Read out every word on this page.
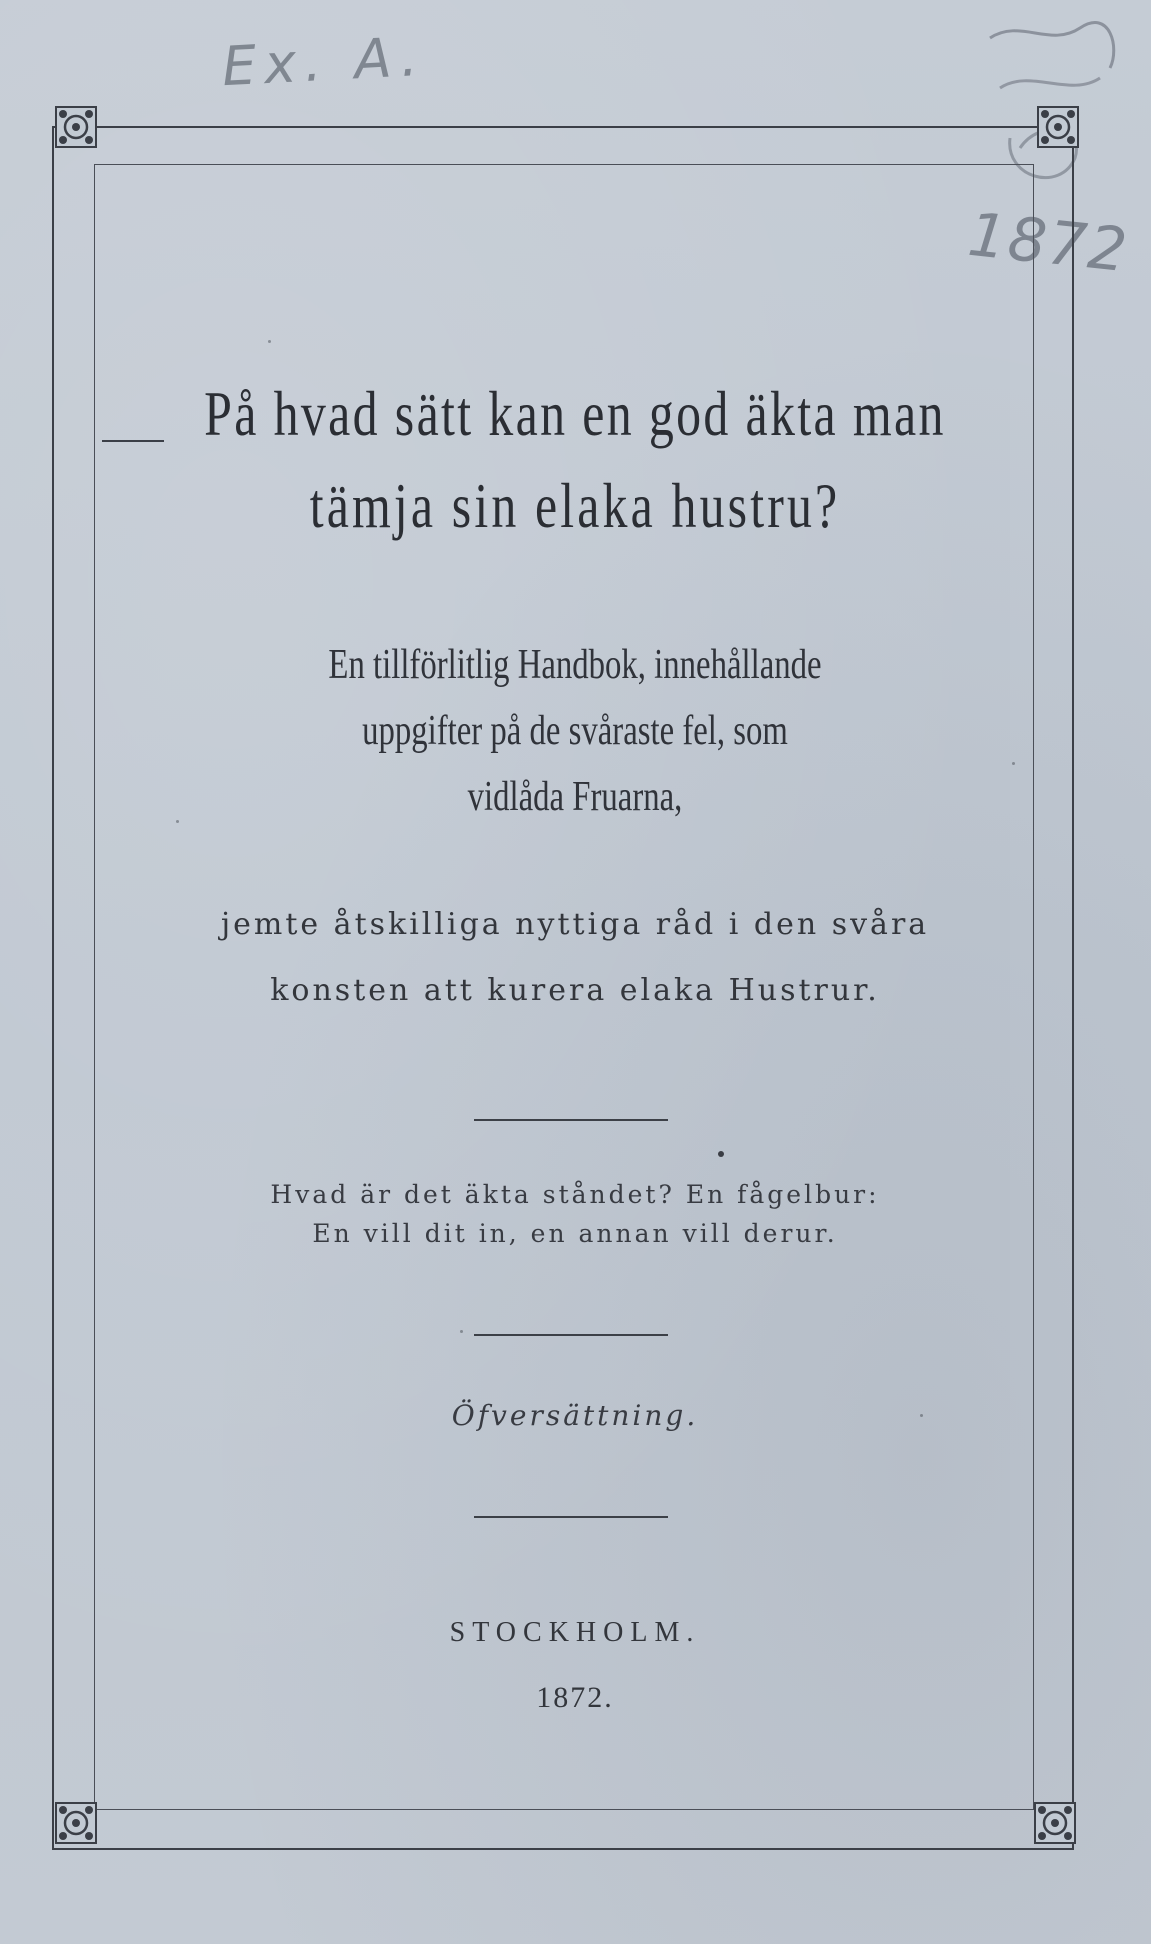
Ex. A.
1872
På hvad sätt kan en god äkta man
tämja sin elaka hustru?
En tillförlitlig Handbok, innehållande
uppgifter på de svåraste fel, som
vidlåda Fruarna,
jemte åtskilliga nyttiga råd i den svåra
konsten att kurera elaka Hustrur.
Hvad är det äkta ståndet? En fågelbur:
En vill dit in, en annan vill derur.
Öfversättning.
STOCKHOLM.
1872.
